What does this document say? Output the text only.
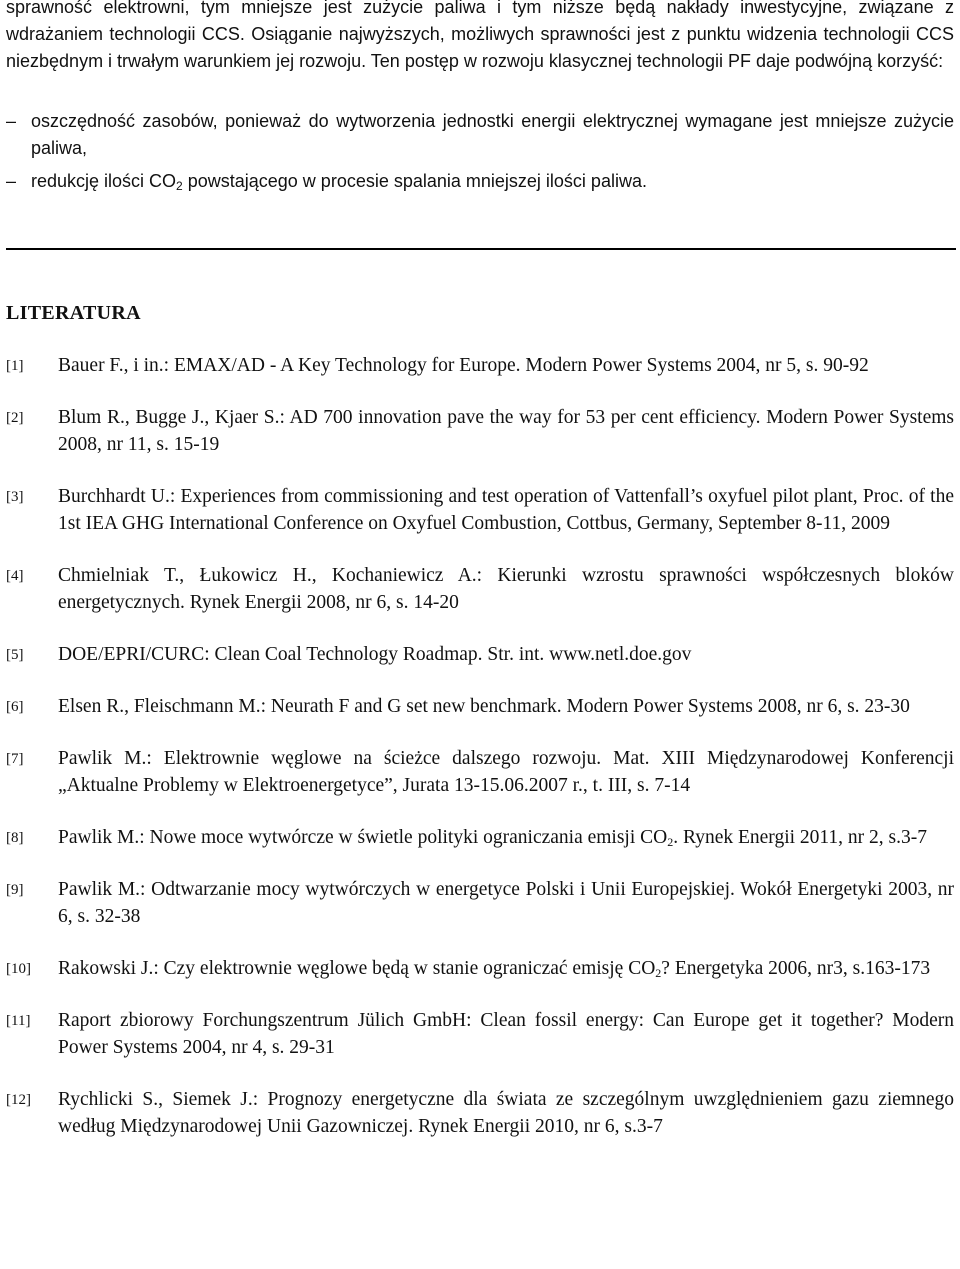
sprawność elektrowni, tym mniejsze jest zużycie paliwa i tym niższe będą nakłady inwestycyjne, związane z wdrażaniem technologii CCS. Osiąganie najwyższych, możliwych sprawności jest z punktu widzenia technologii CCS niezbędnym i trwałym warunkiem jej rozwoju. Ten postęp w rozwoju klasycznej technologii PF daje podwójną korzyść:

– oszczędność zasobów, ponieważ do wytworzenia jednostki energii elektrycznej wymagane jest mniejsze zużycie paliwa,
– redukcję ilości $CO_2$ powstającego w procesie spalania mniejszej ilości paliwa.
LITERATURA
[1] Bauer F., i in.: EMAX/AD - A Key Technology for Europe. Modern Power Systems 2004, nr 5, s. 90-92
[2] Blum R., Bugge J., Kjaer S.: AD 700 innovation pave the way for 53 per cent efficiency. Modern Power Systems 2008, nr 11, s. 15-19
[3] Burchhardt U.: Experiences from commissioning and test operation of Vattenfall’s oxyfuel pilot plant, Proc. of the 1st IEA GHG International Conference on Oxyfuel Combustion, Cottbus, Germany, September 8-11, 2009
[4] Chmielniak T., Łukowicz H., Kochaniewicz A.: Kierunki wzrostu sprawności współczesnych bloków energetycznych. Rynek Energii 2008, nr 6, s. 14-20
[5] DOE/EPRI/CURC: Clean Coal Technology Roadmap. Str. int. www.netl.doe.gov
[6] Elsen R., Fleischmann M.: Neurath F and G set new benchmark. Modern Power Systems 2008, nr 6, s. 23-30
[7] Pawlik M.: Elektrownie węglowe na ścieżce dalszego rozwoju. Mat. XIII Międzynarodowej Konferencji „Aktualne Problemy w Elektroenergetyce”, Jurata 13-15.06.2007 r., t. III, s. 7-14
[8] Pawlik M.: Nowe moce wytwórcze w świetle polityki ograniczania emisji $CO_2$. Rynek Energii 2011, nr 2, s.3-7
[9] Pawlik M.: Odtwarzanie mocy wytwórczych w energetyce Polski i Unii Europejskiej. Wokół Energetyki 2003, nr 6, s. 32-38
[10] Rakowski J.: Czy elektrownie węglowe będą w stanie ograniczać emisję $CO_2$? Energetyka 2006, nr3, s.163-173
[11] Raport zbiorowy Forchungszentrum Jülich GmbH: Clean fossil energy: Can Europe get it together? Modern Power Systems 2004, nr 4, s. 29-31
[12] Rychlicki S., Siemek J.: Prognozy energetyczne dla świata ze szczególnym uwzględnieniem gazu ziemnego według Międzynarodowej Unii Gazowniczej. Rynek Energii 2010, nr 6, s.3-7
